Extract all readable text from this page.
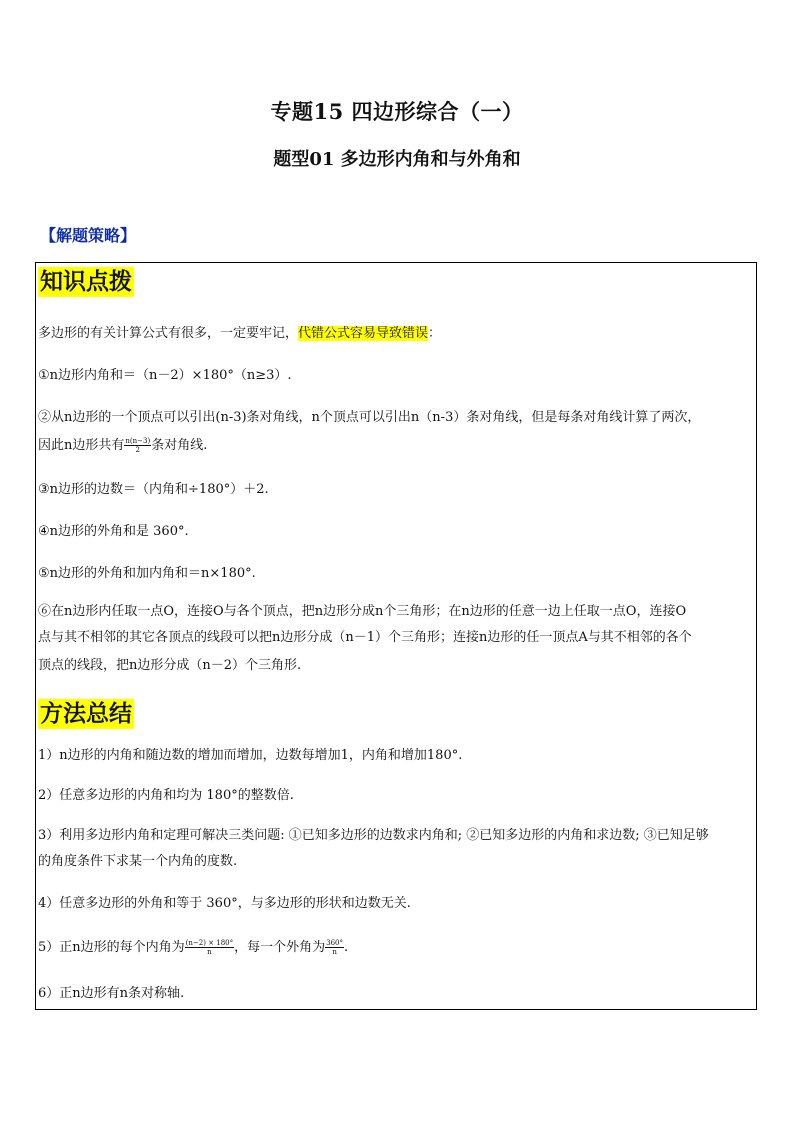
专题15 四边形综合（一）
题型01 多边形内角和与外角和
【解题策略】
知识点拨
多边形的有关计算公式有很多，一定要牢记，代错公式容易导致错误：
①n边形内角和＝（n－2）×180°（n≥3）.
②从n边形的一个顶点可以引出(n-3)条对角线，n个顶点可以引出n（n-3）条对角线，但是每条对角线计算了两次，
因此n边形共有 $\frac{n(n-3)}{2}$ 条对角线.
③n边形的边数＝（内角和÷180°）＋2.
④n边形的外角和是 360°.
⑤n边形的外角和加内角和＝n×180°.
⑥在n边形内任取一点O，连接O与各个顶点，把n边形分成n个三角形；在n边形的任意一边上任取一点O，连接O
点与其不相邻的其它各顶点的线段可以把n边形分成（n－1）个三角形；连接n边形的任一顶点A与其不相邻的各个
顶点的线段，把n边形分成（n－2）个三角形.
方法总结
1）n边形的内角和随边数的增加而增加，边数每增加1，内角和增加180°.
2）任意多边形的内角和均为 180°的整数倍.
3）利用多边形内角和定理可解决三类问题: ①已知多边形的边数求内角和; ②已知多边形的内角和求边数; ③已知足够
的角度条件下求某一个内角的度数.
4）任意多边形的外角和等于 360°，与多边形的形状和边数无关.
5）正n边形的每个内角为 $\frac{(n-2) \times 180^\circ}{n}$ ，每一个外角为 $\frac{360^\circ}{n}$ .
6）正n边形有n条对称轴.
